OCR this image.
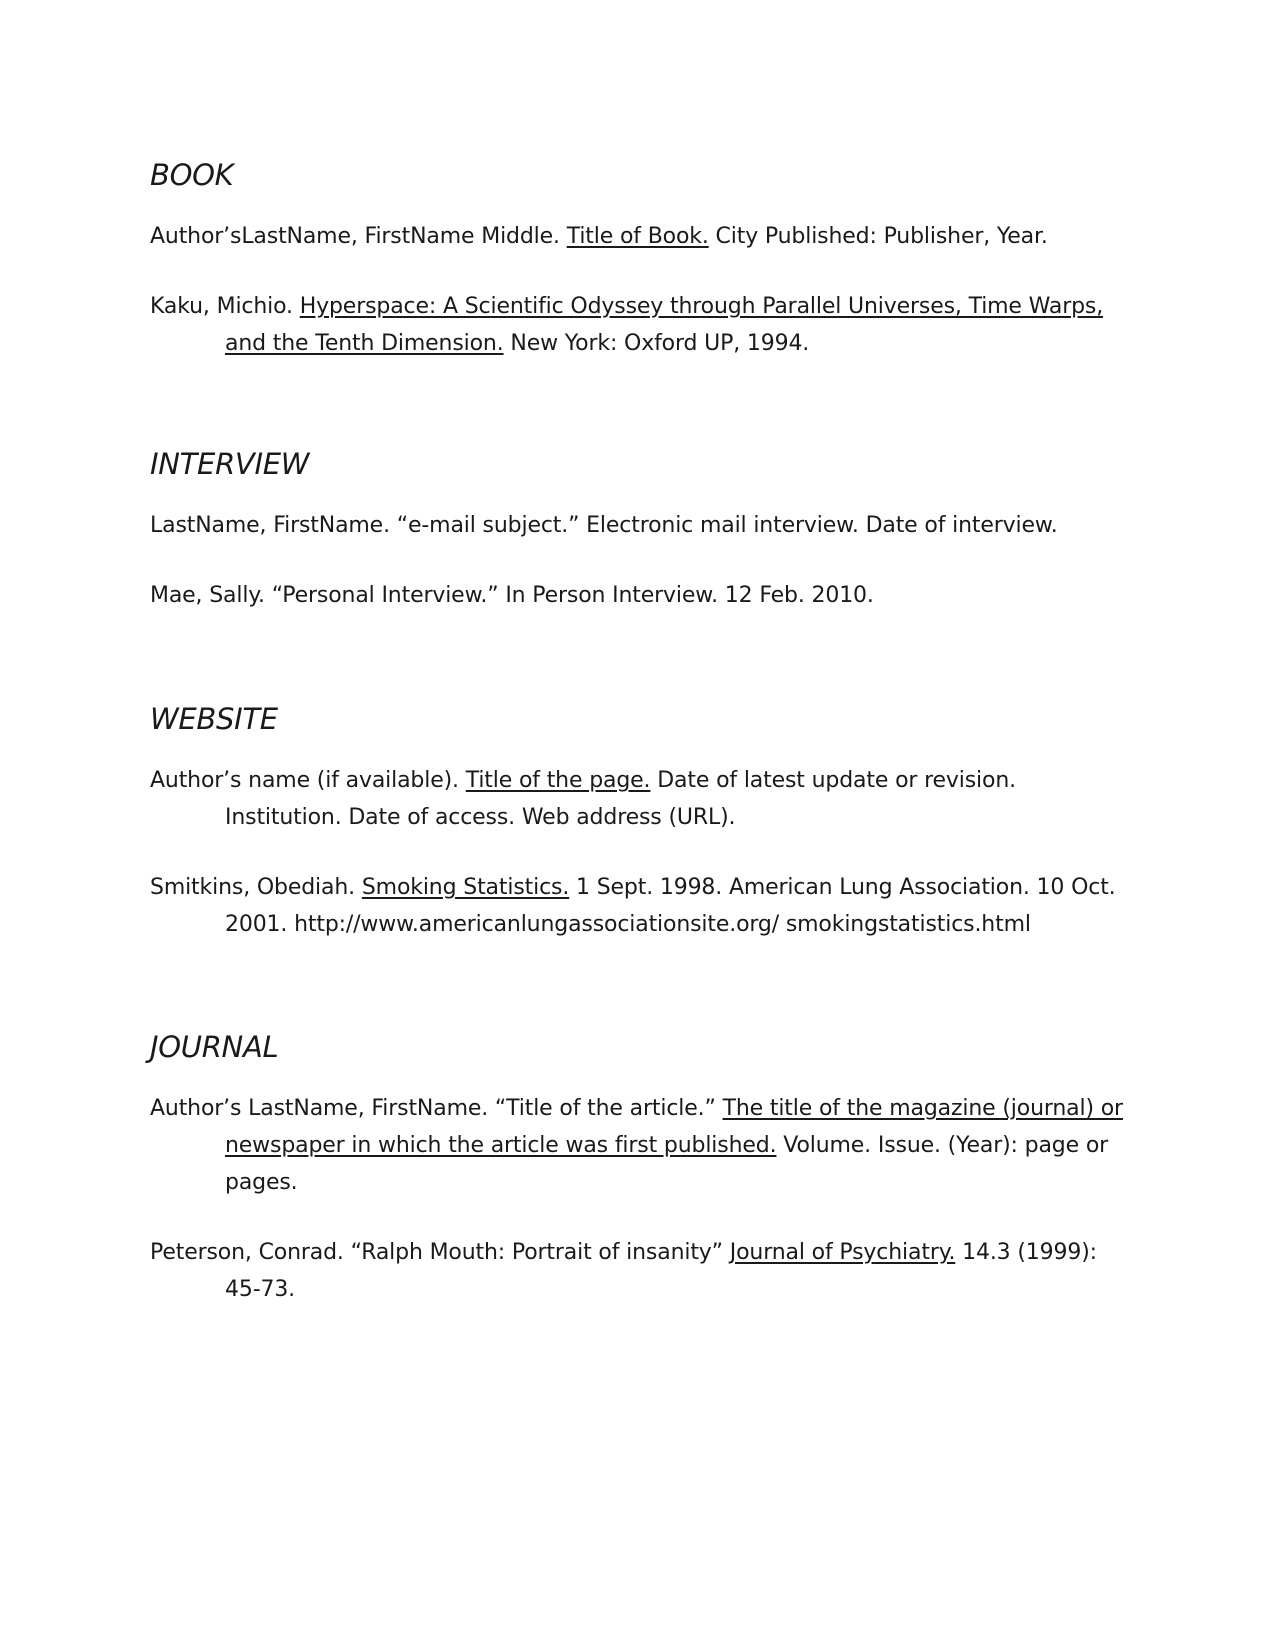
BOOK

Author’sLastName, FirstName Middle. Title of Book. City Published: Publisher, Year.

Kaku, Michio. Hyperspace: A Scientific Odyssey through Parallel Universes, Time Warps, and the Tenth Dimension. New York: Oxford UP, 1994.

INTERVIEW

LastName, FirstName. “e-mail subject.” Electronic mail interview. Date of interview.

Mae, Sally. “Personal Interview.” In Person Interview. 12 Feb. 2010.

WEBSITE

Author’s name (if available). Title of the page. Date of latest update or revision. Institution. Date of access. Web address (URL).

Smitkins, Obediah. Smoking Statistics. 1 Sept. 1998. American Lung Association. 10 Oct. 2001. http://www.americanlungassociationsite.org/ smokingstatistics.html

JOURNAL

Author’s LastName, FirstName. “Title of the article.” The title of the magazine (journal) or newspaper in which the article was first published. Volume. Issue. (Year): page or pages.

Peterson, Conrad. “Ralph Mouth: Portrait of insanity” Journal of Psychiatry. 14.3 (1999): 45-73.
